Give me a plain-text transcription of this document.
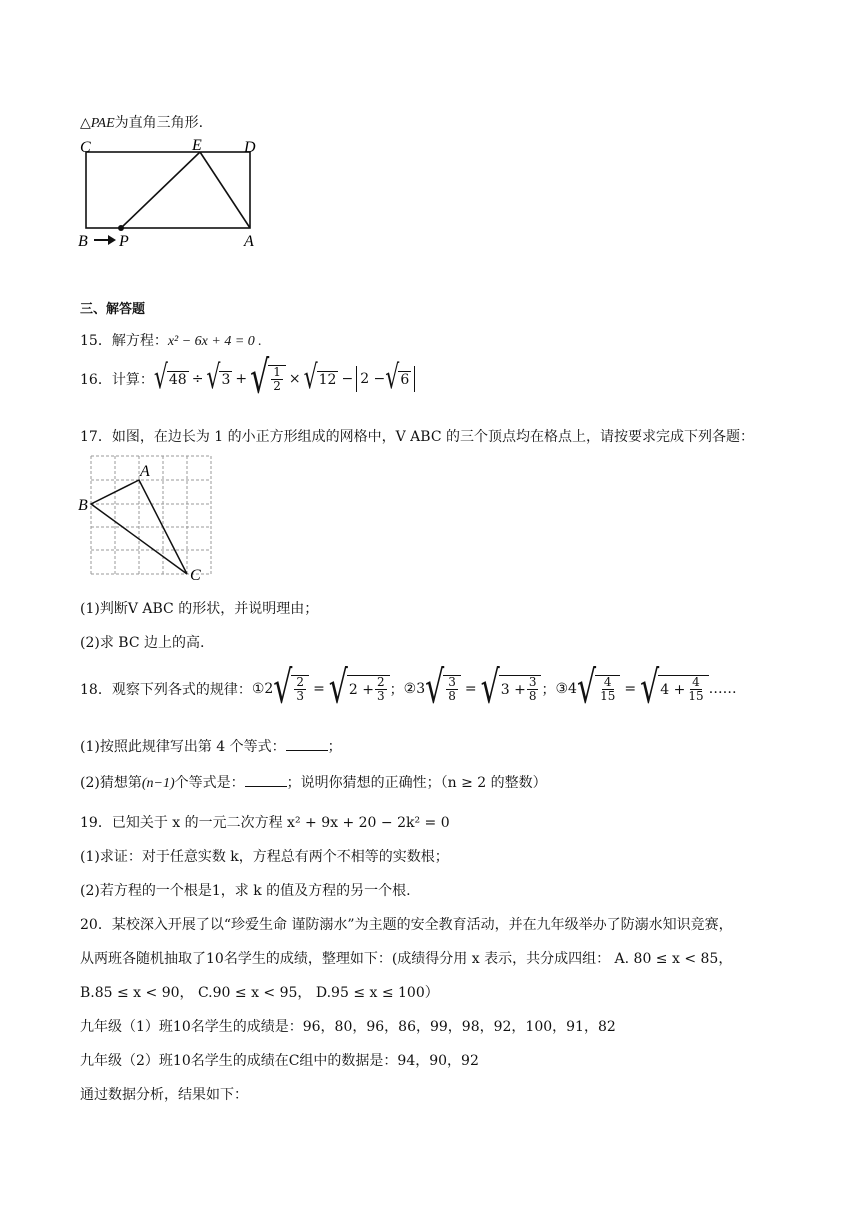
△PAE为直角三角形.
C	E	D
B P	A
三、解答题
15．解方程：x² − 6x + 4 = 0 .
16．计算： √ 48 ÷ √ 3 + √ $\frac{1}{2}$ × √ 12 − 2 − √ 6
17．如图，在边长为 1 的小正方形组成的网格中，V ABC 的三个顶点均在格点上，请按要求完成下列各题：
A
B
C
(1)判断V ABC 的形状，并说明理由；
(2)求 BC 边上的高.
18．观察下列各式的规律： ①2 √ $\frac{2}{3}$ = √ $2 + \frac{2}{3}$ ； ②3 √ $\frac{3}{8}$ = √ $3 + \frac{3}{8}$ ； ③4 √ $\frac{4}{15}$ = √ $4 + \frac{4}{15}$ ……
(1)按照此规律写出第 4 个等式：	；
(2)猜想第(n−1)个等式是：	；说明你猜想的正确性；（n ≥ 2 的整数）
19．已知关于 x 的一元二次方程 x² + 9x + 20 − 2k² = 0
(1)求证：对于任意实数 k，方程总有两个不相等的实数根；
(2)若方程的一个根是1，求 k 的值及方程的另一个根.
20．某校深入开展了以“珍爱生命 谨防溺水”为主题的安全教育活动，并在九年级举办了防溺水知识竞赛，
从两班各随机抽取了10名学生的成绩，整理如下：(成绩得分用 x 表示，共分成四组： A. 80 ≤ x < 85，
B.85 ≤ x < 90， C.90 ≤ x < 95， D.95 ≤ x ≤ 100）
九年级（1）班10名学生的成绩是：96，80，96，86，99，98，92，100，91，82
九年级（2）班10名学生的成绩在C组中的数据是：94，90，92
通过数据分析，结果如下：
